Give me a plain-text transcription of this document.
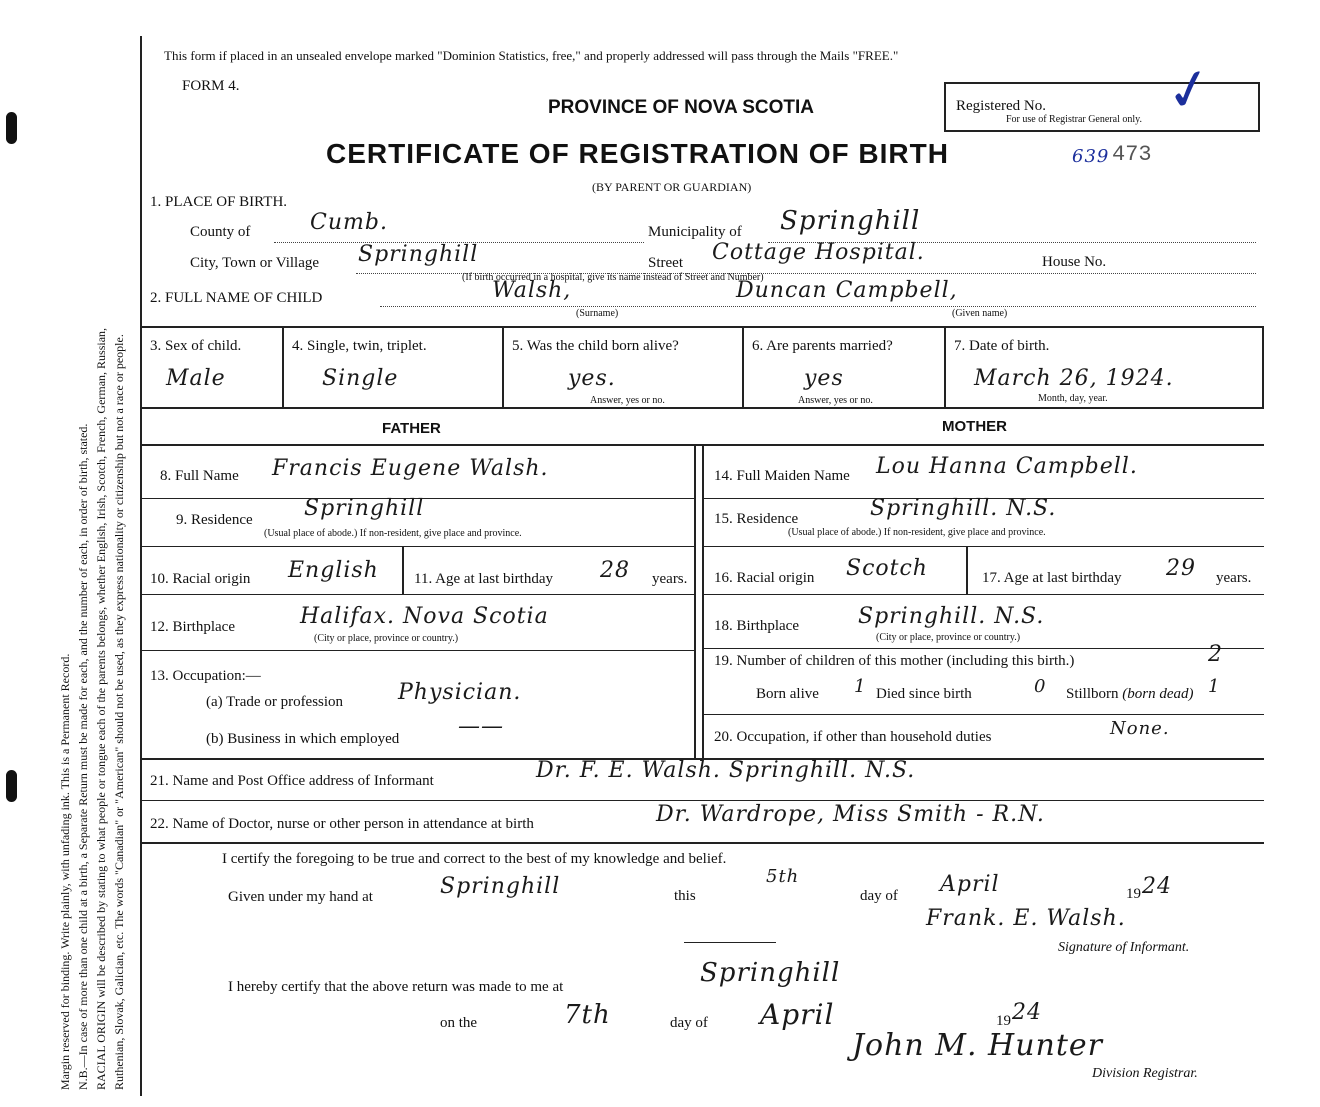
Margin reserved for binding. Write plainly, with unfading ink. This is a Permanent Record. N.B.—In case of more than one child at a birth, a Separate Return must be made for each, and the number of each, in order of birth, stated. RACIAL ORIGIN will be described by stating to what people or tongue each of the parents belongs, whether English, Irish, Scotch, French, German, Russian, Ruthenian, Slovak, Galician, etc. The words "Canadian" or "American" should not be used, as they express nationality or citizenship but not a race or people.
This form if placed in an unsealed envelope marked "Dominion Statistics, free," and properly addressed will pass through the Mails "FREE."
FORM 4.
PROVINCE OF NOVA SCOTIA	Registered No.
For use of Registrar General only. ✓
CERTIFICATE OF REGISTRATION OF BIRTH	639 473
(BY PARENT OR GUARDIAN)
1. PLACE OF BIRTH.
County of	Cumb.	Municipality of Springhill
City, Town or Village Springhill	Street Cottage Hospital.	House No.
(If birth occurred in a hospital, give its name instead of Street and Number)
2. FULL NAME OF CHILD	Walsh,	Duncan Campbell,
(Surname)	(Given name)
3. Sex of child.
Male
4. Single, twin, triplet.
Single
5. Was the child born alive?
yes.
Answer, yes or no.
6. Are parents married?
yes
Answer, yes or no.
7. Date of birth.
March 26, 1924.
Month, day, year.
FATHER	MOTHER
8. Full Name Francis Eugene Walsh.
9. Residence Springhill
(Usual place of abode.) If non-resident, give place and province.
10. Racial origin English 11. Age at last birthday 28 years.
12. Birthplace	Halifax. Nova Scotia
(City or place, province or country.)
13. Occupation:—
(a) Trade or profession Physician.
(b) Business in which employed	——
14. Full Maiden Name Lou Hanna Campbell.
15. Residence	Springhill. N.S.
(Usual place of abode.) If non-resident, give place and province.
16. Racial origin Scotch	17. Age at last birthday 29 years.
18. Birthplace	Springhill. N.S.
(City or place, province or country.)
19. Number of children of this mother (including this birth.)	2
Born alive 1 Died since birth	0 Stillborn (born dead) 1
20. Occupation, if other than household duties	None.
21. Name and Post Office address of Informant	Dr. F. E. Walsh. Springhill. N.S.
22. Name of Doctor, nurse or other person in attendance at birth	Dr. Wardrope, Miss Smith - R.N.
I certify the foregoing to be true and correct to the best of my knowledge and belief.
Given under my hand at	Springhill	this
5th
day of April	19 24
Frank. E. Walsh.
Signature of Informant.
I hereby certify that the above return was made to me at	Springhill
on the	7th	day of April	19 24
John M. Hunter
Division Registrar.
